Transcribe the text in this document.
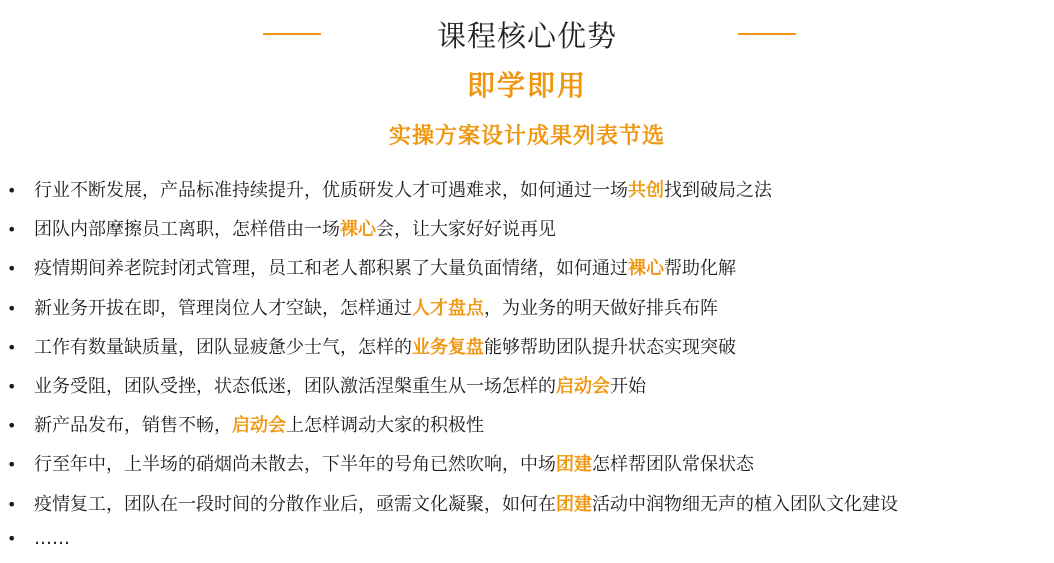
课程核心优势
即学即用
实操方案设计成果列表节选
• 行业不断发展，产品标准持续提升，优质研发人才可遇难求，如何通过一场共创找到破局之法
• 团队内部摩擦员工离职，怎样借由一场裸心会，让大家好好说再见
• 疫情期间养老院封闭式管理，员工和老人都积累了大量负面情绪，如何通过裸心帮助化解
• 新业务开拔在即，管理岗位人才空缺，怎样通过人才盘点，为业务的明天做好排兵布阵
• 工作有数量缺质量，团队显疲惫少士气，怎样的业务复盘能够帮助团队提升状态实现突破
• 业务受阻，团队受挫，状态低迷，团队激活涅槃重生从一场怎样的启动会开始
• 新产品发布，销售不畅，启动会上怎样调动大家的积极性
• 行至年中，上半场的硝烟尚未散去，下半年的号角已然吹响，中场团建怎样帮团队常保状态
• 疫情复工，团队在一段时间的分散作业后，亟需文化凝聚，如何在团建活动中润物细无声的植入团队文化建设
• ……
